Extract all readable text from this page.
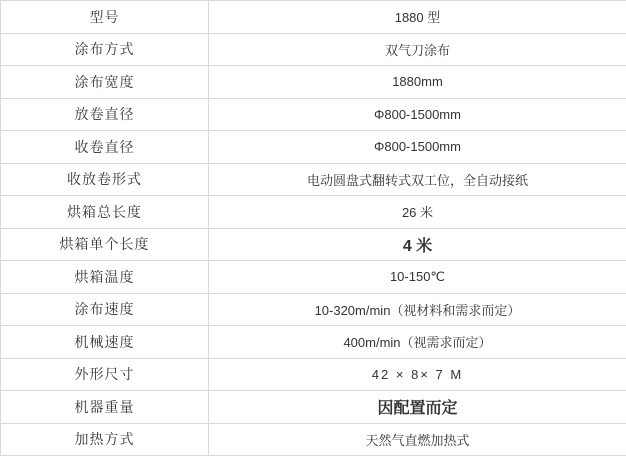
型号	1880 型
涂布方式	双气刀涂布
涂布宽度	1880mm
放卷直径	Φ800-1500mm
收卷直径	Φ800-1500mm
收放卷形式	电动圆盘式翻转式双工位，全自动接纸
烘箱总长度	26 米
烘箱单个长度	4 米
烘箱温度	10-150℃
涂布速度	10-320m/min（视材料和需求而定）
机械速度	400m/min（视需求而定）
外形尺寸	42 × 8× 7 M
机器重量	因配置而定
加热方式	天然气直燃加热式
